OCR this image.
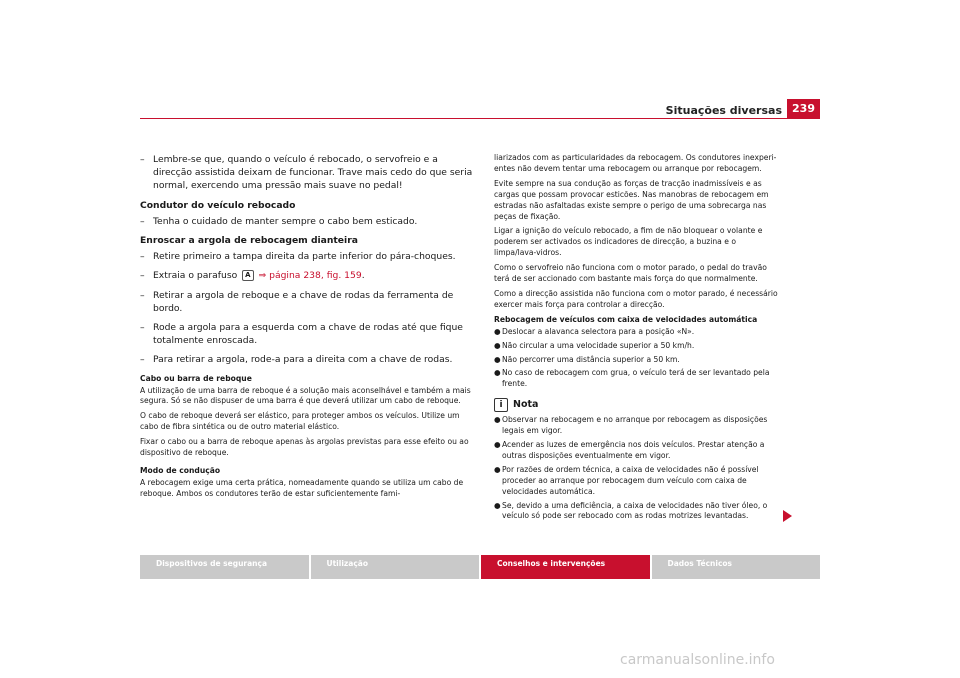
Situações diversas 239
– Lembre-se que, quando o veículo é rebocado, o servofreio e a direcção assistida deixam de funcionar. Trave mais cedo do que seria normal, exercendo uma pressão mais suave no pedal!
Condutor do veículo rebocado
– Tenha o cuidado de manter sempre o cabo bem esticado.
Enroscar a argola de rebocagem dianteira
– Retire primeiro a tampa direita da parte inferior do pára-choques.
– Extraia o parafuso A ⇒ página 238, fig. 159.
– Retirar a argola de reboque e a chave de rodas da ferramenta de bordo.
– Rode a argola para a esquerda com a chave de rodas até que fique totalmente enroscada.
– Para retirar a argola, rode-a para a direita com a chave de rodas.
Cabo ou barra de reboque

A utilização de uma barra de reboque é a solução mais aconselhável e também a mais segura. Só se não dispuser de uma barra é que deverá utilizar um cabo de reboque.

O cabo de reboque deverá ser elástico, para proteger ambos os veículos. Utilize um cabo de fibra sintética ou de outro material elástico.

Fixar o cabo ou a barra de reboque apenas às argolas previstas para esse efeito ou ao dispositivo de reboque.

Modo de condução

A rebocagem exige uma certa prática, nomeadamente quando se utiliza um cabo de reboque. Ambos os condutores terão de estar suficientemente fami-

liarizados com as particularidades da rebocagem. Os condutores inexperi-entes não devem tentar uma rebocagem ou arranque por rebocagem.

Evite sempre na sua condução as forças de tracção inadmissíveis e as cargas que possam provocar esticões. Nas manobras de rebocagem em estradas não asfaltadas existe sempre o perigo de uma sobrecarga nas peças de fixação.

Ligar a ignição do veículo rebocado, a fim de não bloquear o volante e poderem ser activados os indicadores de direcção, a buzina e o limpa/lava-vidros.

Como o servofreio não funciona com o motor parado, o pedal do travão terá de ser accionado com bastante mais força do que normalmente.

Como a direcção assistida não funciona com o motor parado, é necessário exercer mais força para controlar a direcção.

Rebocagem de veículos com caixa de velocidades automática
● Deslocar a alavanca selectora para a posição «N».
● Não circular a uma velocidade superior a 50 km/h.
● Não percorrer uma distância superior a 50 km.
● No caso de rebocagem com grua, o veículo terá de ser levantado pela frente.
i	Nota
● Observar na rebocagem e no arranque por rebocagem as disposições legais em vigor.
● Acender as luzes de emergência nos dois veículos. Prestar atenção a outras disposições eventualmente em vigor.
● Por razões de ordem técnica, a caixa de velocidades não é possível proceder ao arranque por rebocagem dum veículo com caixa de velocidades automática.
● Se, devido a uma deficiência, a caixa de velocidades não tiver óleo, o veículo só pode ser rebocado com as rodas motrizes levantadas.
Dispositivos de segurança	Utilização	Conselhos e intervenções	Dados Técnicos
carmanualsonline.info
